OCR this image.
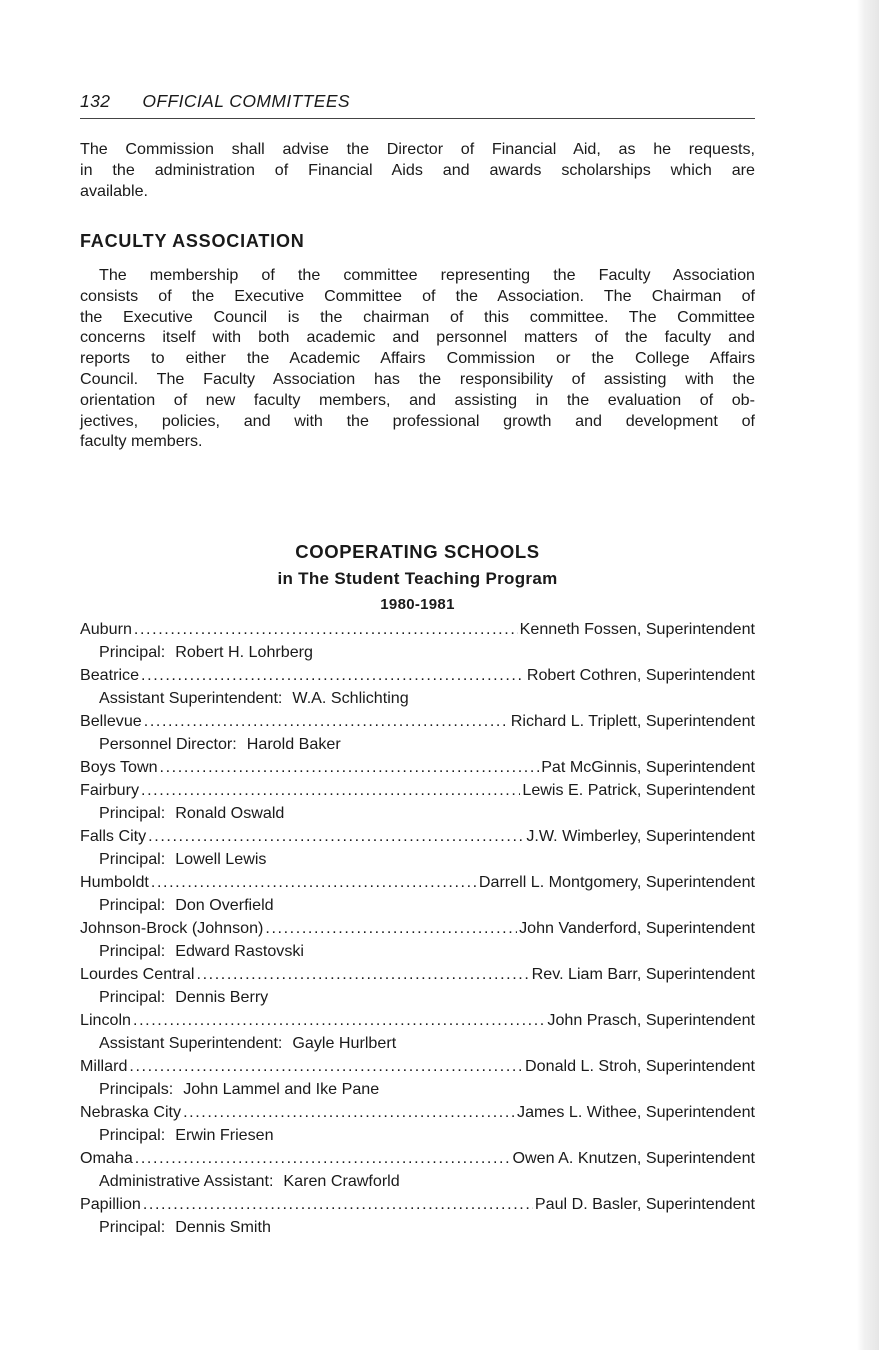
132 OFFICIAL COMMITTEES

The Commission shall advise the Director of Financial Aid, as he requests,
in the administration of Financial Aids and awards scholarships which are
available.

FACULTY ASSOCIATION

The membership of the committee representing the Faculty Association
consists of the Executive Committee of the Association. The Chairman of
the Executive Council is the chairman of this committee. The Committee
concerns itself with both academic and personnel matters of the faculty and
reports to either the Academic Affairs Commission or the College Affairs
Council. The Faculty Association has the responsibility of assisting with the
orientation of new faculty members, and assisting in the evaluation of ob-
jectives, policies, and with the professional growth and development of
faculty members.

COOPERATING SCHOOLS
in The Student Teaching Program
1980-1981
Auburn .....	Kenneth Fossen, Superintendent
Principal: Robert H. Lohrberg
Beatrice .....	Robert Cothren, Superintendent
Assistant Superintendent: W.A. Schlichting
Bellevue .....	Richard L. Triplett, Superintendent
Personnel Director: Harold Baker
Boys Town .....	Pat McGinnis, Superintendent
Fairbury .....	Lewis E. Patrick, Superintendent
Principal: Ronald Oswald
Falls City .....	J.W. Wimberley, Superintendent
Principal: Lowell Lewis
Humboldt .....	Darrell L. Montgomery, Superintendent
Principal: Don Overfield
Johnson-Brock (Johnson) .....	John Vanderford, Superintendent
Principal: Edward Rastovski
Lourdes Central .....	Rev. Liam Barr, Superintendent
Principal: Dennis Berry
Lincoln .....	John Prasch, Superintendent
Assistant Superintendent: Gayle Hurlbert
Millard .....	Donald L. Stroh, Superintendent
Principals: John Lammel and Ike Pane
Nebraska City .....	James L. Withee, Superintendent
Principal: Erwin Friesen
Omaha .....	Owen A. Knutzen, Superintendent
Administrative Assistant: Karen Crawforld
Papillion .....	Paul D. Basler, Superintendent
Principal: Dennis Smith
